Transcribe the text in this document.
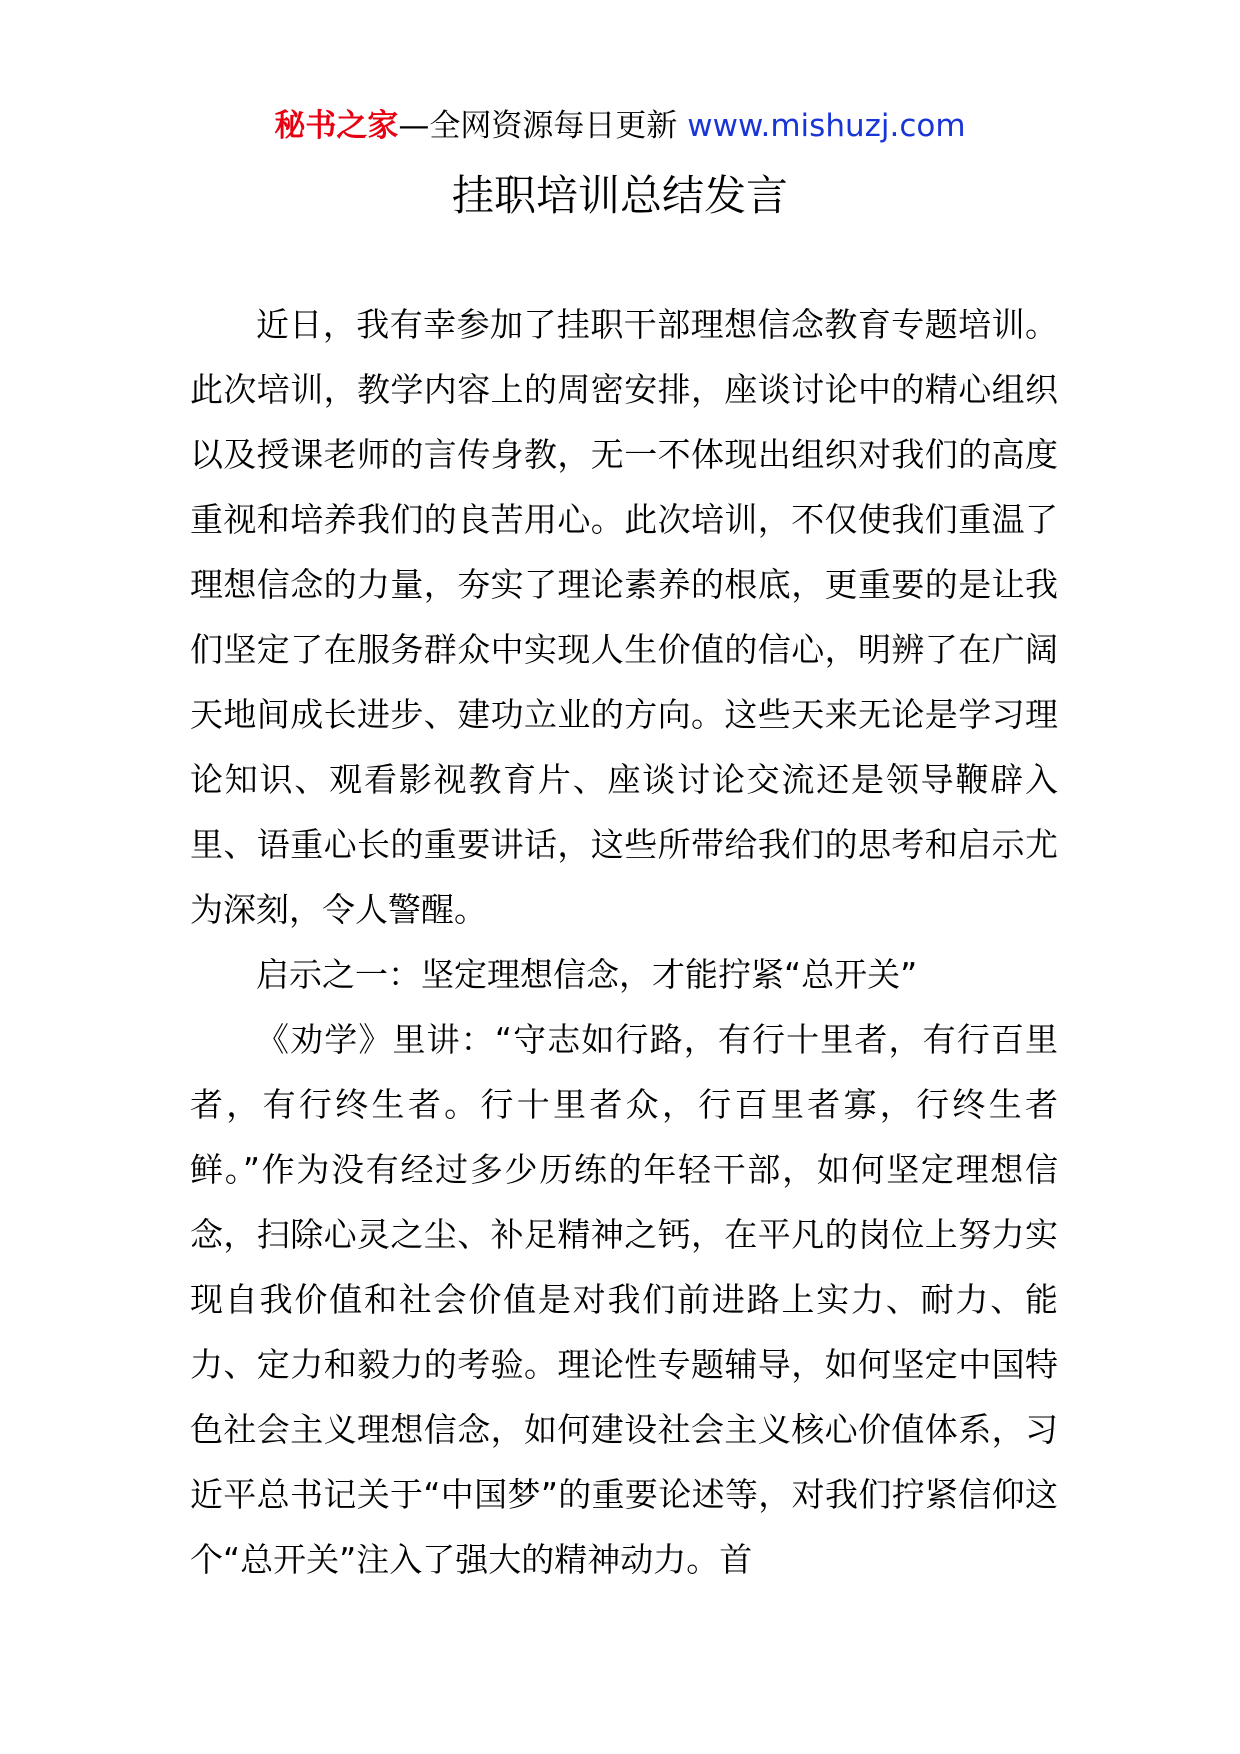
秘书之家—全网资源每日更新 www.mishuzj.com
挂职培训总结发言

近日，我有幸参加了挂职干部理想信念教育专题培训。此次培训，教学内容上的周密安排，座谈讨论中的精心组织以及授课老师的言传身教，无一不体现出组织对我们的高度重视和培养我们的良苦用心。此次培训，不仅使我们重温了理想信念的力量，夯实了理论素养的根底，更重要的是让我们坚定了在服务群众中实现人生价值的信心，明辨了在广阔天地间成长进步、建功立业的方向。这些天来无论是学习理论知识、观看影视教育片、座谈讨论交流还是领导鞭辟入里、语重心长的重要讲话，这些所带给我们的思考和启示尤为深刻，令人警醒。

启示之一：坚定理想信念，才能拧紧“总开关”

《劝学》里讲：“守志如行路，有行十里者，有行百里者，有行终生者。行十里者众，行百里者寡，行终生者鲜。”作为没有经过多少历练的年轻干部，如何坚定理想信念，扫除心灵之尘、补足精神之钙，在平凡的岗位上努力实现自我价值和社会价值是对我们前进路上实力、耐力、能力、定力和毅力的考验。理论性专题辅导，如何坚定中国特色社会主义理想信念，如何建设社会主义核心价值体系，习近平总书记关于“中国梦”的重要论述等，对我们拧紧信仰这个“总开关”注入了强大的精神动力。首
